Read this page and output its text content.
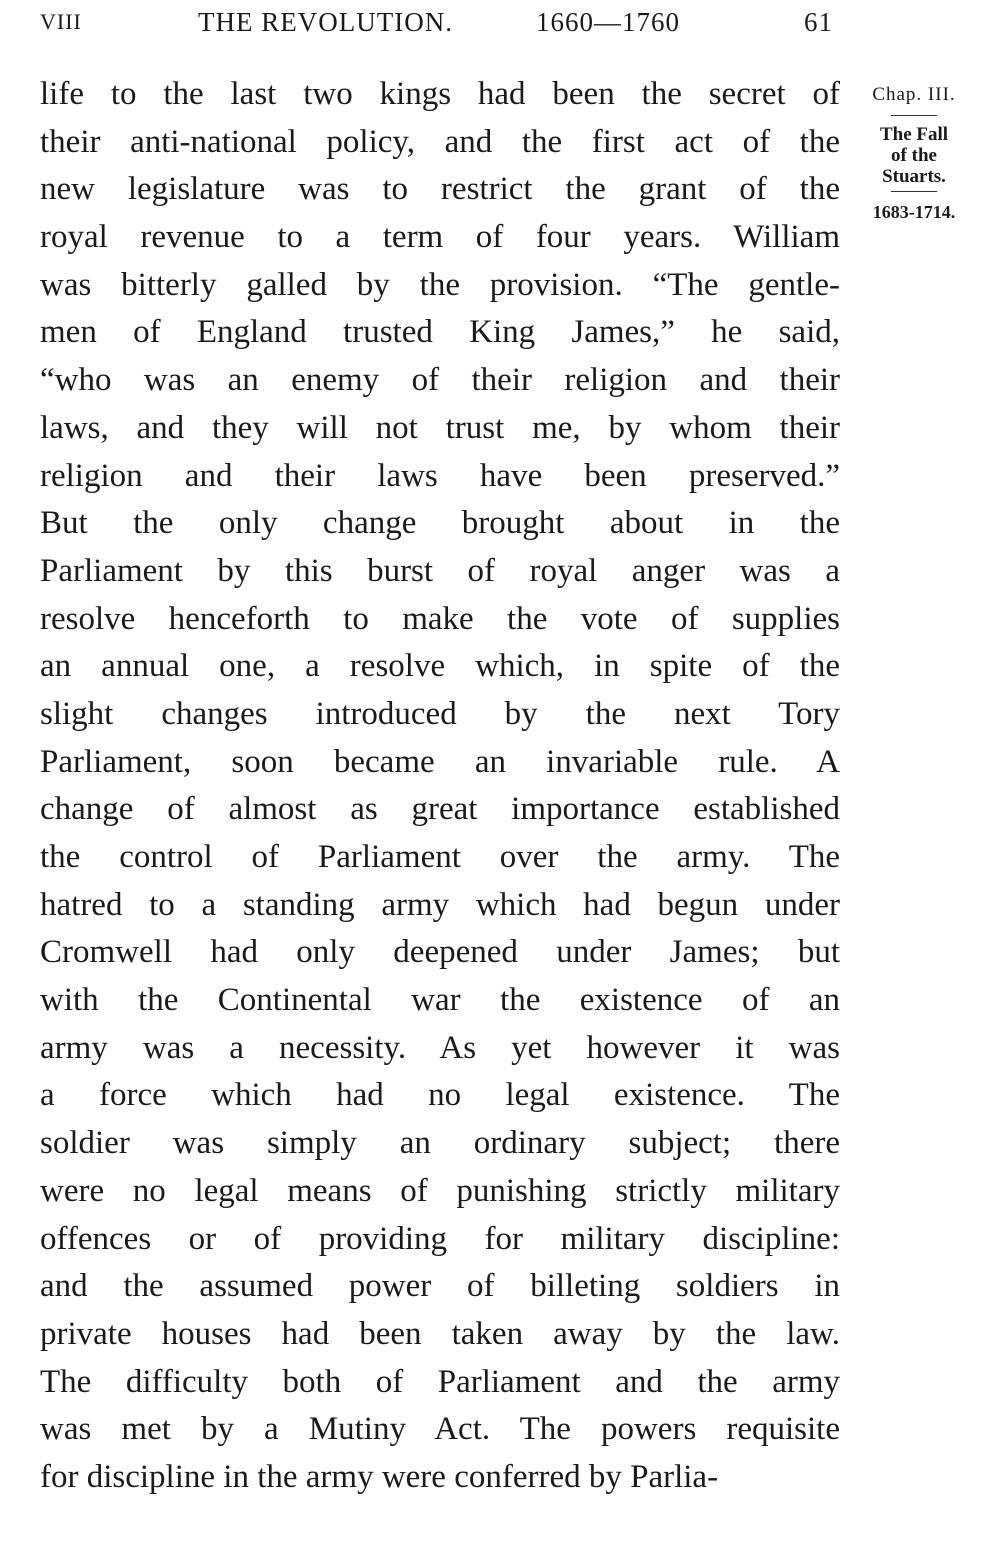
VIII	THE REVOLUTION.	1660—1760	61
life to the last two kings had been the secret of
their anti-national policy, and the first act of the
new legislature was to restrict the grant of the
royal revenue to a term of four years. William
was bitterly galled by the provision. “The gentle-
men of England trusted King James,” he said,
“who was an enemy of their religion and their
laws, and they will not trust me, by whom their
religion and their laws have been preserved.”
But the only change brought about in the
Parliament by this burst of royal anger was a
resolve henceforth to make the vote of supplies
an annual one, a resolve which, in spite of the
slight changes introduced by the next Tory
Parliament, soon became an invariable rule. A
change of almost as great importance established
the control of Parliament over the army. The
hatred to a standing army which had begun under
Cromwell had only deepened under James; but
with the Continental war the existence of an
army was a necessity. As yet however it was
a force which had no legal existence. The
soldier was simply an ordinary subject; there
were no legal means of punishing strictly military
offences or of providing for military discipline:
and the assumed power of billeting soldiers in
private houses had been taken away by the law.
The difficulty both of Parliament and the army
was met by a Mutiny Act. The powers requisite
for discipline in the army were conferred by Parlia-
Chap. III.
The Fall
of the
Stuarts.
1683-1714.
